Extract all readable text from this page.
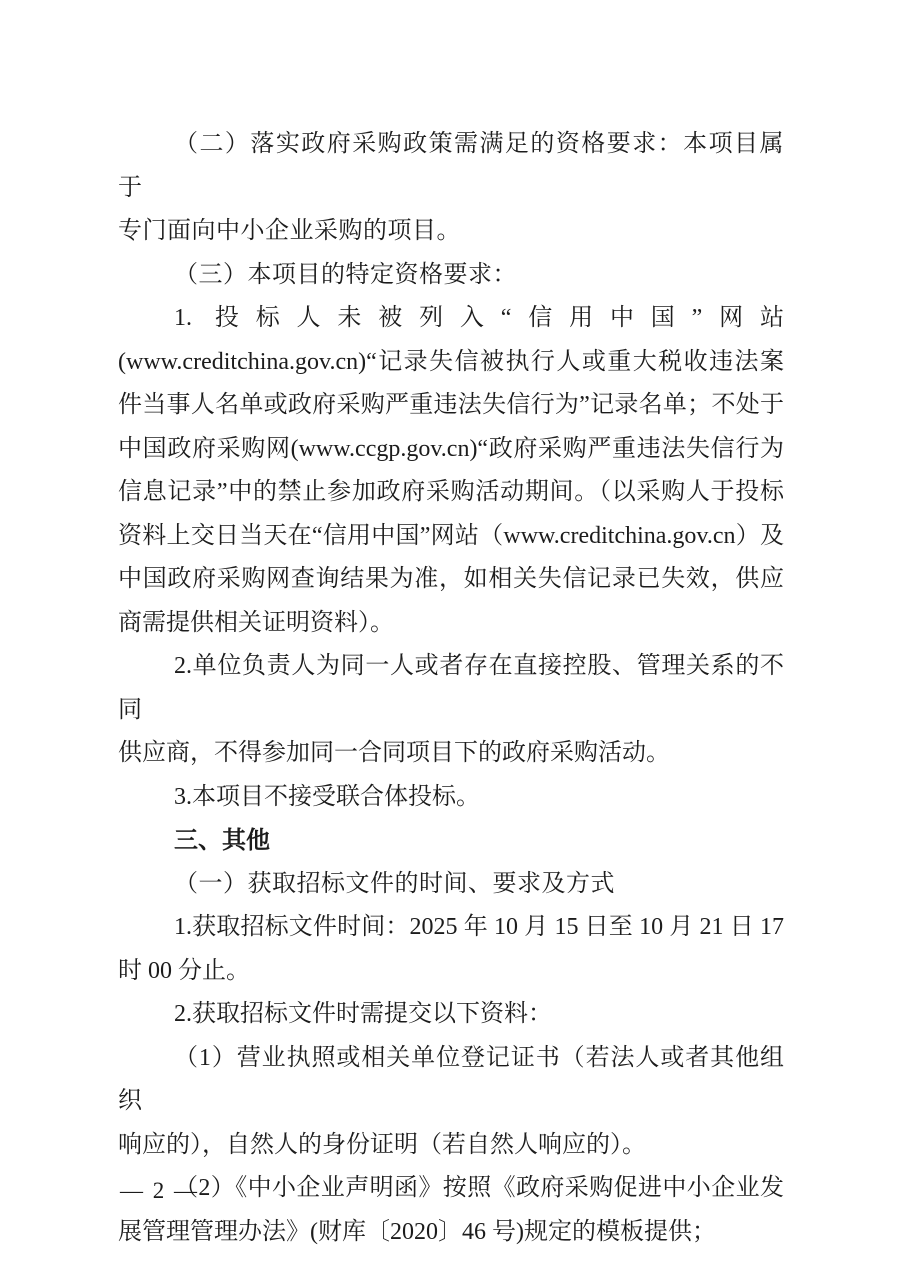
（二）落实政府采购政策需满足的资格要求：本项目属于
专门面向中小企业采购的项目。
（三）本项目的特定资格要求：
1. 投标人未被列入“信用中国”网站
(www.creditchina.gov.cn)“记录失信被执行人或重大税收违法案
件当事人名单或政府采购严重违法失信行为”记录名单；不处于
中国政府采购网(www.ccgp.gov.cn)“政府采购严重违法失信行为
信息记录”中的禁止参加政府采购活动期间。（以采购人于投标
资料上交日当天在“信用中国”网站（www.creditchina.gov.cn）及
中国政府采购网查询结果为准，如相关失信记录已失效，供应
商需提供相关证明资料）。
2.单位负责人为同一人或者存在直接控股、管理关系的不同
供应商，不得参加同一合同项目下的政府采购活动。
3.本项目不接受联合体投标。
三、其他
（一）获取招标文件的时间、要求及方式
1.获取招标文件时间：2025 年 10 月 15 日至 10 月 21 日 17
时 00 分止。
2.获取招标文件时需提交以下资料：
（1）营业执照或相关单位登记证书（若法人或者其他组织
响应的），自然人的身份证明（若自然人响应的）。
（2）《中小企业声明函》按照《政府采购促进中小企业发
展管理管理办法》(财库〔2020〕46 号)规定的模板提供；
— 2 —
